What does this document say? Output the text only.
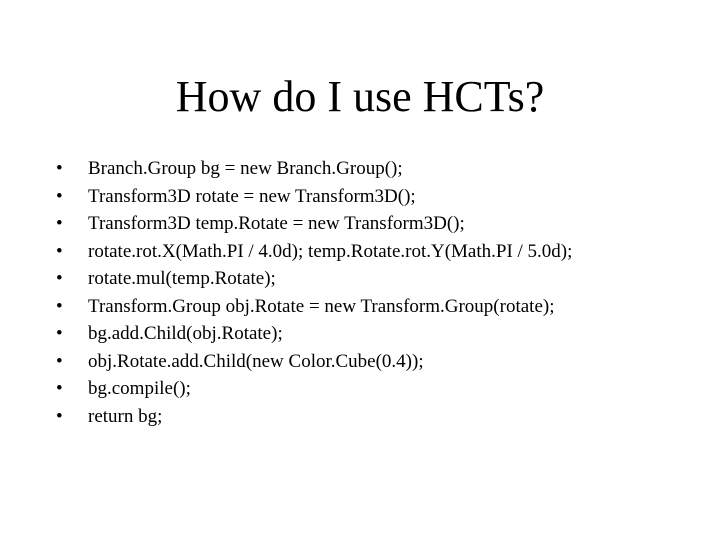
How do I use HCTs?
•	Branch.Group bg = new Branch.Group();
•	Transform3D rotate = new Transform3D();
•	Transform3D temp.Rotate = new Transform3D();
•	rotate.rot.X(Math.PI / 4.0d); temp.Rotate.rot.Y(Math.PI / 5.0d);
•	rotate.mul(temp.Rotate);
•	Transform.Group obj.Rotate = new Transform.Group(rotate);
•	bg.add.Child(obj.Rotate);
•	obj.Rotate.add.Child(new Color.Cube(0.4));
•	bg.compile();
•	return bg;
